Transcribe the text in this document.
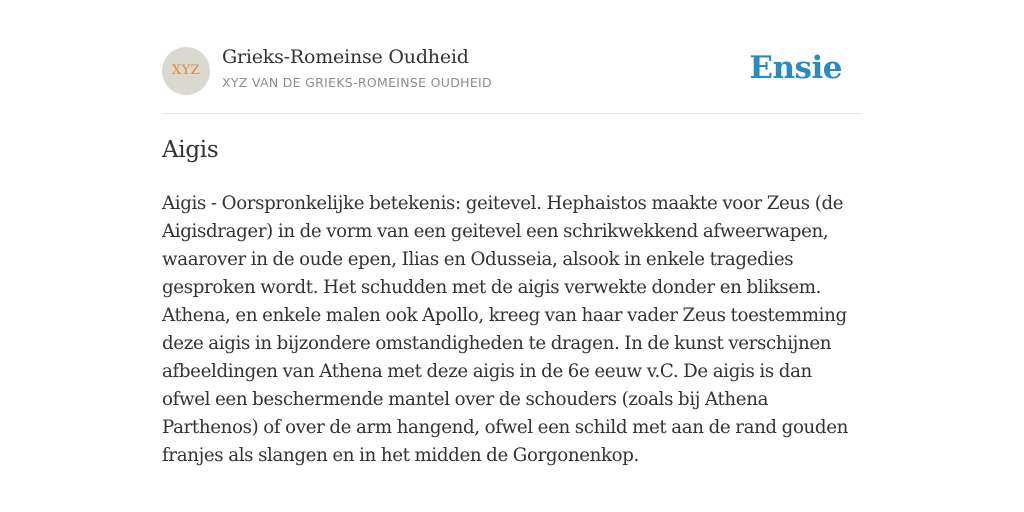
XYZ
Grieks-Romeinse Oudheid
XYZ VAN DE GRIEKS-ROMEINSE OUDHEID	Ensie
Aigis

Aigis - Oorspronkelijke betekenis: geitevel. Hephaistos maakte voor Zeus (de Aigisdrager) in de vorm van een geitevel een schrikwekkend afweerwapen, waarover in de oude epen, Ilias en Odusseia, alsook in enkele tragedies gesproken wordt. Het schudden met de aigis verwekte donder en bliksem. Athena, en enkele malen ook Apollo, kreeg van haar vader Zeus toestemming deze aigis in bijzondere omstandigheden te dragen. In de kunst verschijnen afbeeldingen van Athena met deze aigis in de 6e eeuw v.C. De aigis is dan ofwel een beschermende mantel over de schouders (zoals bij Athena Parthenos) of over de arm hangend, ofwel een schild met aan de rand gouden franjes als slangen en in het midden de Gorgonenkop.
